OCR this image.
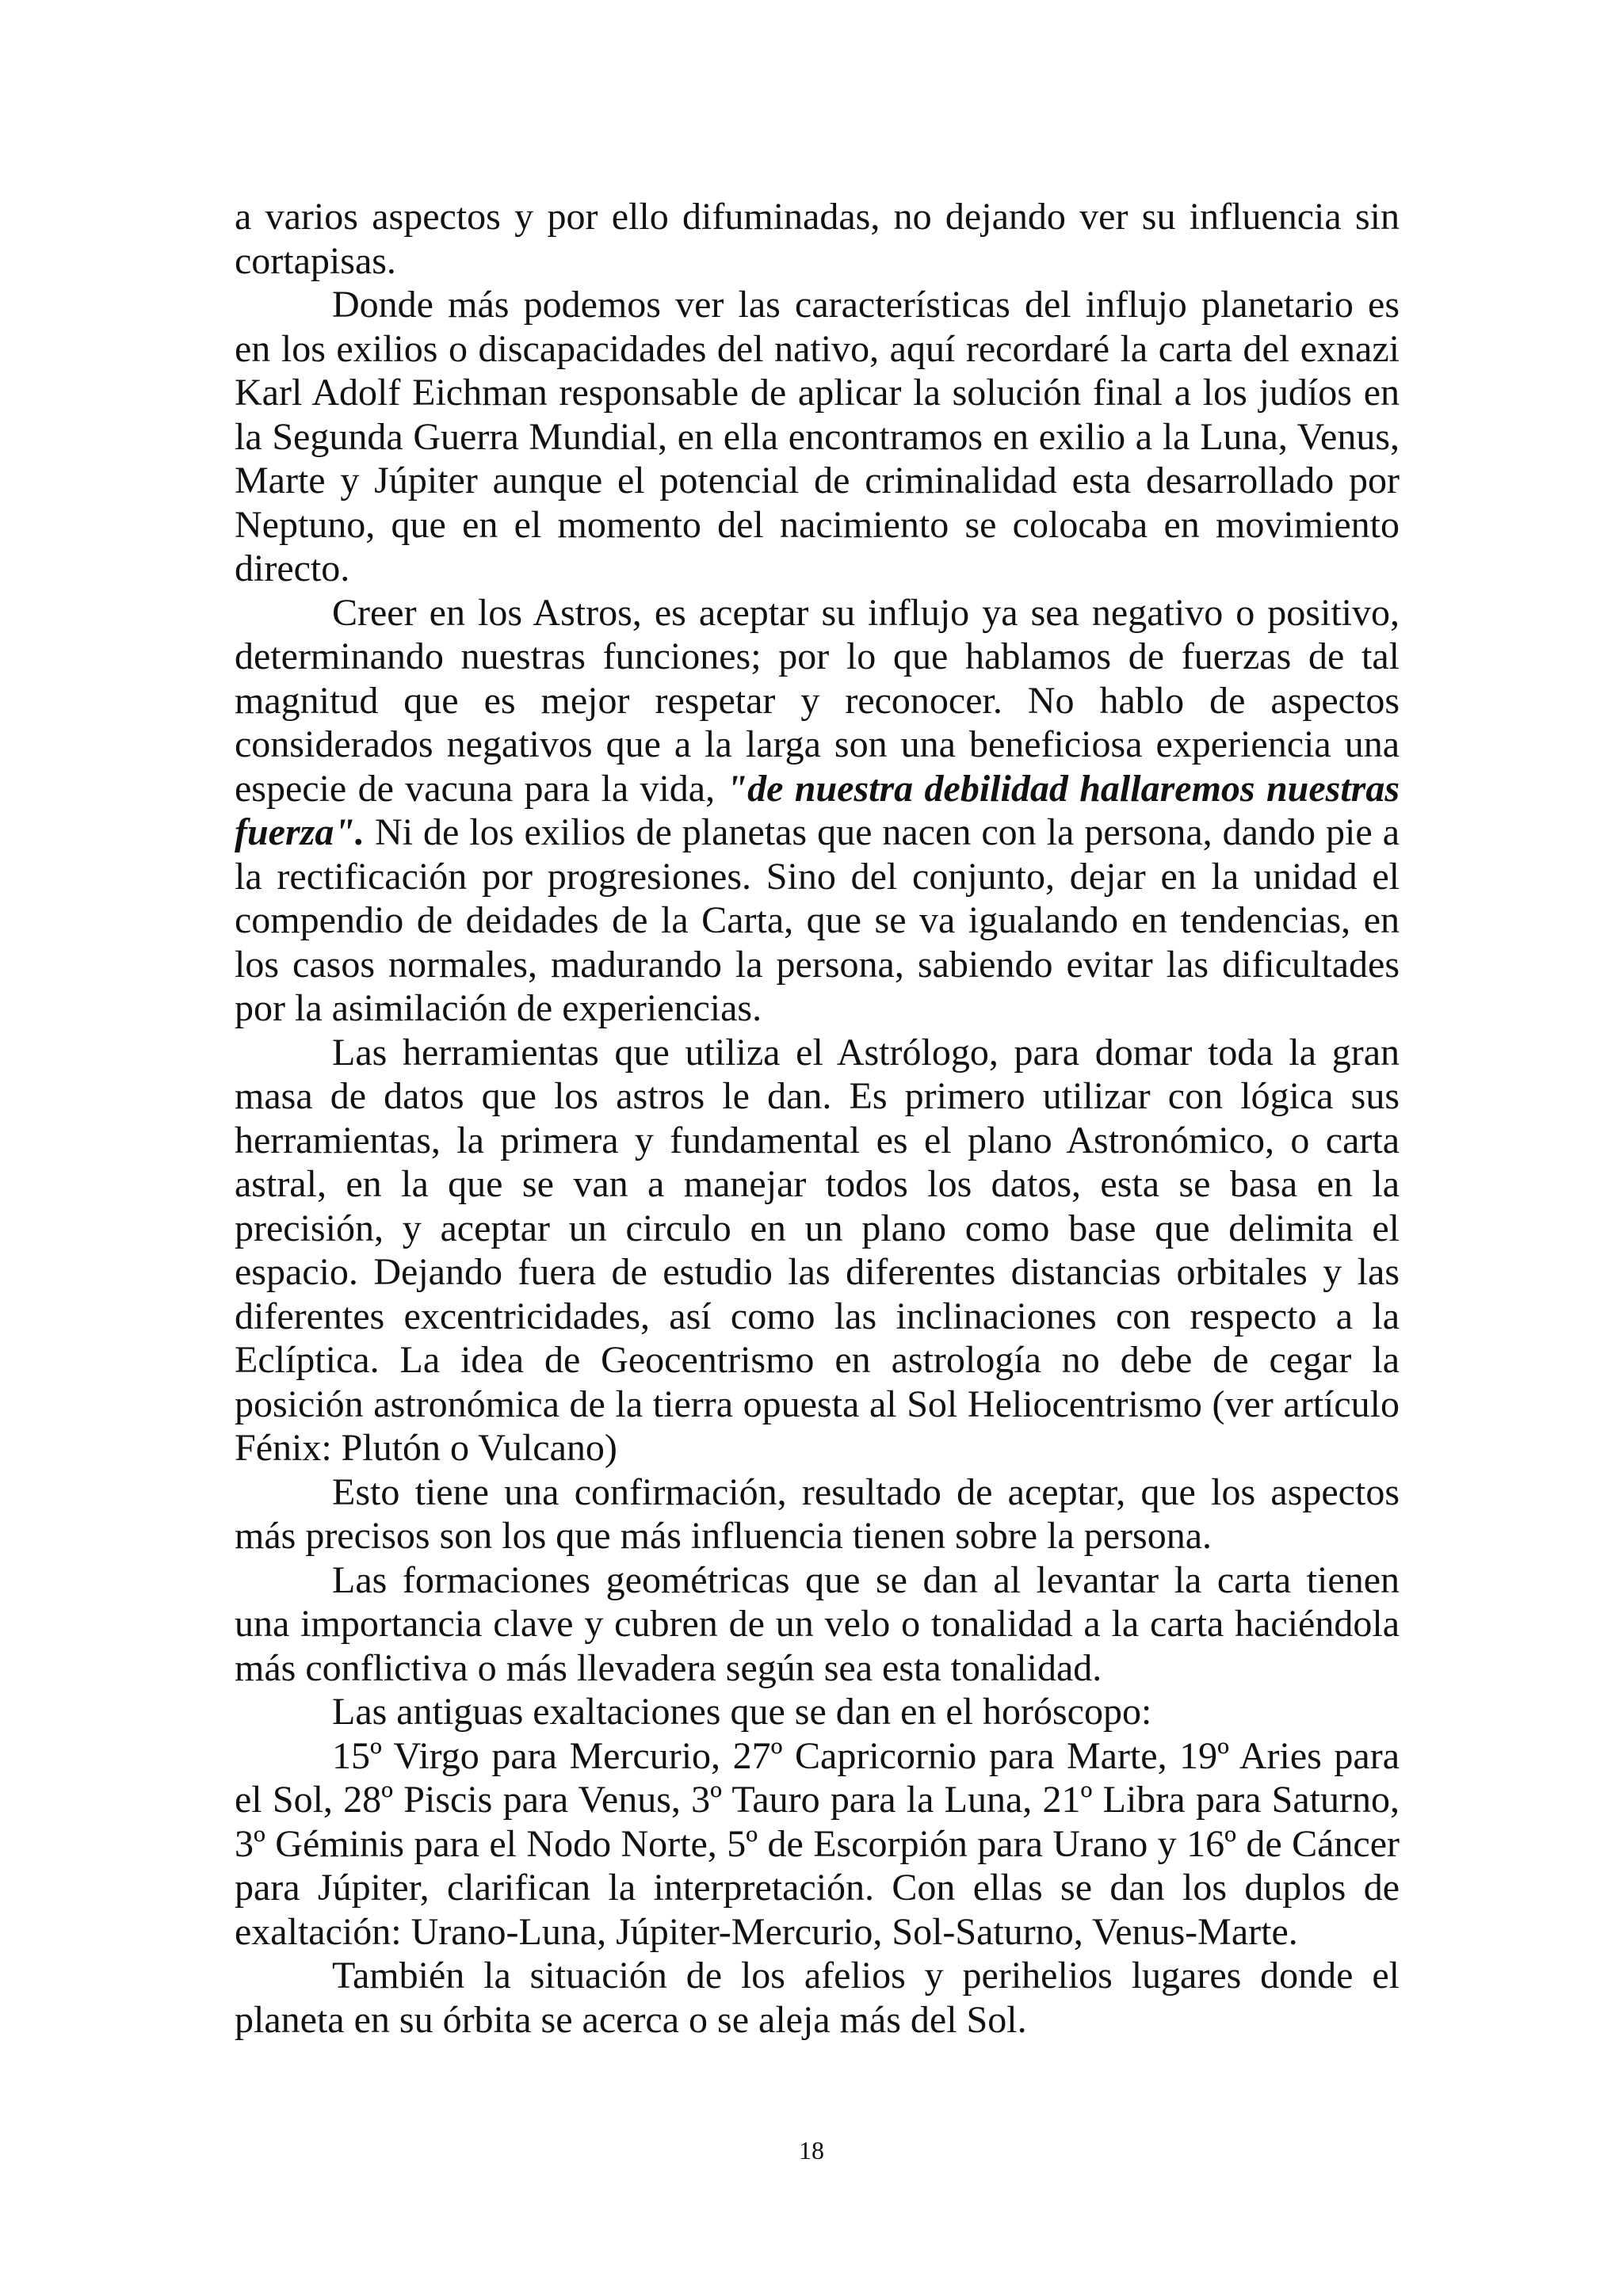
a varios aspectos y por ello difuminadas, no dejando ver su influencia sin cortapisas.

Donde más podemos ver las características del influjo planetario es en los exilios o discapacidades del nativo, aquí recordaré la carta del exnazi Karl Adolf Eichman responsable de aplicar la solución final a los judíos en la Segunda Guerra Mundial, en ella encontramos en exilio a la Luna, Venus, Marte y Júpiter aunque el potencial de criminalidad esta desarrollado por Neptuno, que en el momento del nacimiento se colocaba en movimiento directo.

Creer en los Astros, es aceptar su influjo ya sea negativo o positivo, determinando nuestras funciones; por lo que hablamos de fuerzas de tal magnitud que es mejor respetar y reconocer. No hablo de aspectos considerados negativos que a la larga son una beneficiosa experiencia una especie de vacuna para la vida, "de nuestra debilidad hallaremos nuestras fuerza". Ni de los exilios de planetas que nacen con la persona, dando pie a la rectificación por progresiones. Sino del conjunto, dejar en la unidad el compendio de deidades de la Carta, que se va igualando en tendencias, en los casos normales, madurando la persona, sabiendo evitar las dificultades por la asimilación de experiencias.

Las herramientas que utiliza el Astrólogo, para domar toda la gran masa de datos que los astros le dan. Es primero utilizar con lógica sus herramientas, la primera y fundamental es el plano Astronómico, o carta astral, en la que se van a manejar todos los datos, esta se basa en la precisión, y aceptar un circulo en un plano como base que delimita el espacio. Dejando fuera de estudio las diferentes distancias orbitales y las diferentes excentricidades, así como las inclinaciones con respecto a la Eclíptica. La idea de Geocentrismo en astrología no debe de cegar la posición astronómica de la tierra opuesta al Sol Heliocentrismo (ver artículo Fénix: Plutón o Vulcano)

Esto tiene una confirmación, resultado de aceptar, que los aspectos más precisos son los que más influencia tienen sobre la persona.

Las formaciones geométricas que se dan al levantar la carta tienen una importancia clave y cubren de un velo o tonalidad a la carta haciéndola más conflictiva o más llevadera según sea esta tonalidad.

Las antiguas exaltaciones que se dan en el horóscopo:

15º Virgo para Mercurio, 27º Capricornio para Marte, 19º Aries para el Sol, 28º Piscis para Venus, 3º Tauro para la Luna, 21º Libra para Saturno, 3º Géminis para el Nodo Norte, 5º de Escorpión para Urano y 16º de Cáncer para Júpiter, clarifican la interpretación. Con ellas se dan los duplos de exaltación: Urano-Luna, Júpiter-Mercurio, Sol-Saturno, Venus-Marte.

También la situación de los afelios y perihelios lugares donde el planeta en su órbita se acerca o se aleja más del Sol.

18
